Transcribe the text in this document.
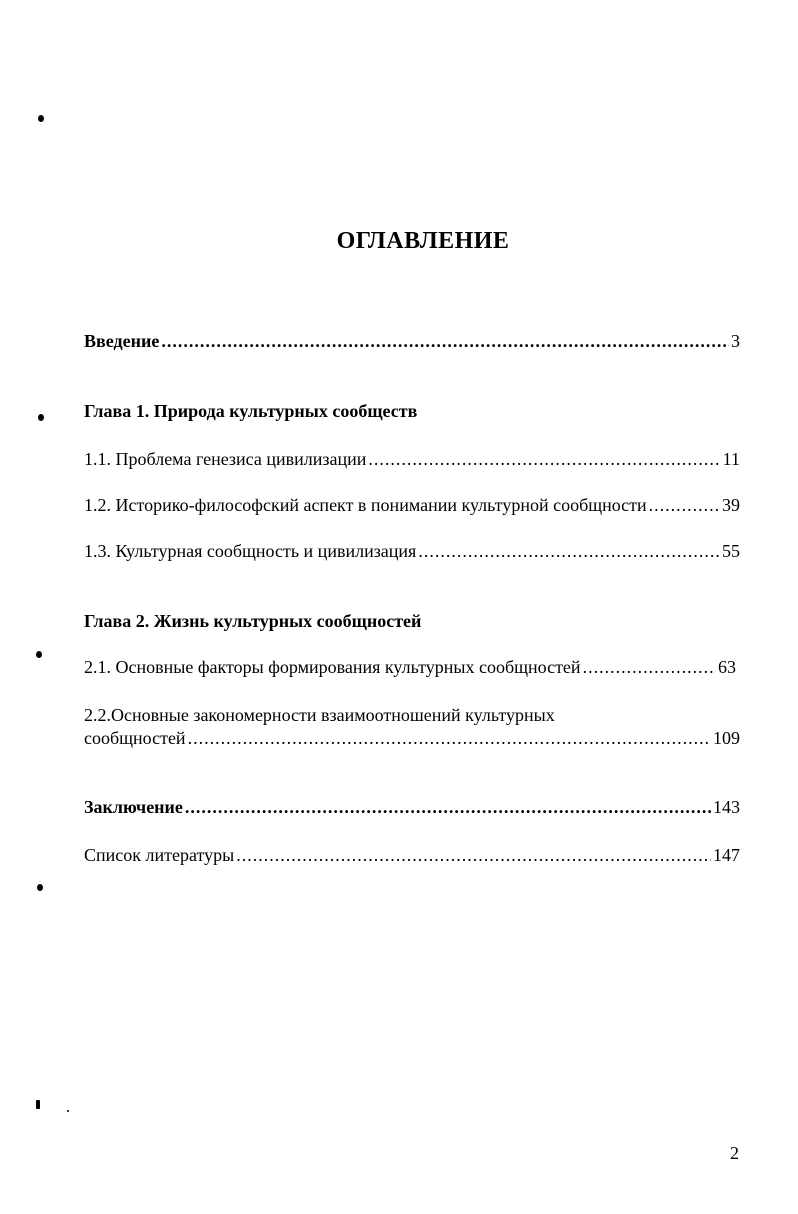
ОГЛАВЛЕНИЕ
Введение .....	3
Глава 1. Природа культурных сообществ
1.1. Проблема генезиса цивилизации .....	11
1.2. Историко-философский аспект в понимании культурной сообщности .....	39
1.3. Культурная сообщность и цивилизация .....	55
Глава 2. Жизнь культурных сообщностей
2.1. Основные факторы формирования культурных сообщностей .....	63
2.2.Основные закономерности взаимоотношений культурных
сообщностей .....	109
Заключение .....	143
Список литературы .....	147
2
